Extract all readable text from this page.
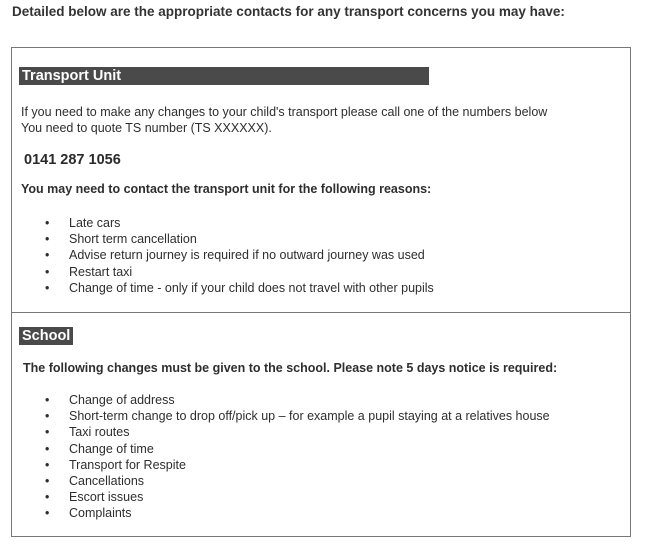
Detailed below are the appropriate contacts for any transport concerns you may have:
Transport Unit
If you need to make any changes to your child's transport please call one of the numbers below
You need to quote TS number (TS XXXXXX).
0141 287 1056
You may need to contact the transport unit for the following reasons:
• Late cars
• Short term cancellation
• Advise return journey is required if no outward journey was used
• Restart taxi
• Change of time - only if your child does not travel with other pupils
School
The following changes must be given to the school. Please note 5 days notice is required:
• Change of address
• Short-term change to drop off/pick up – for example a pupil staying at a relatives house
• Taxi routes
• Change of time
• Transport for Respite
• Cancellations
• Escort issues
• Complaints
